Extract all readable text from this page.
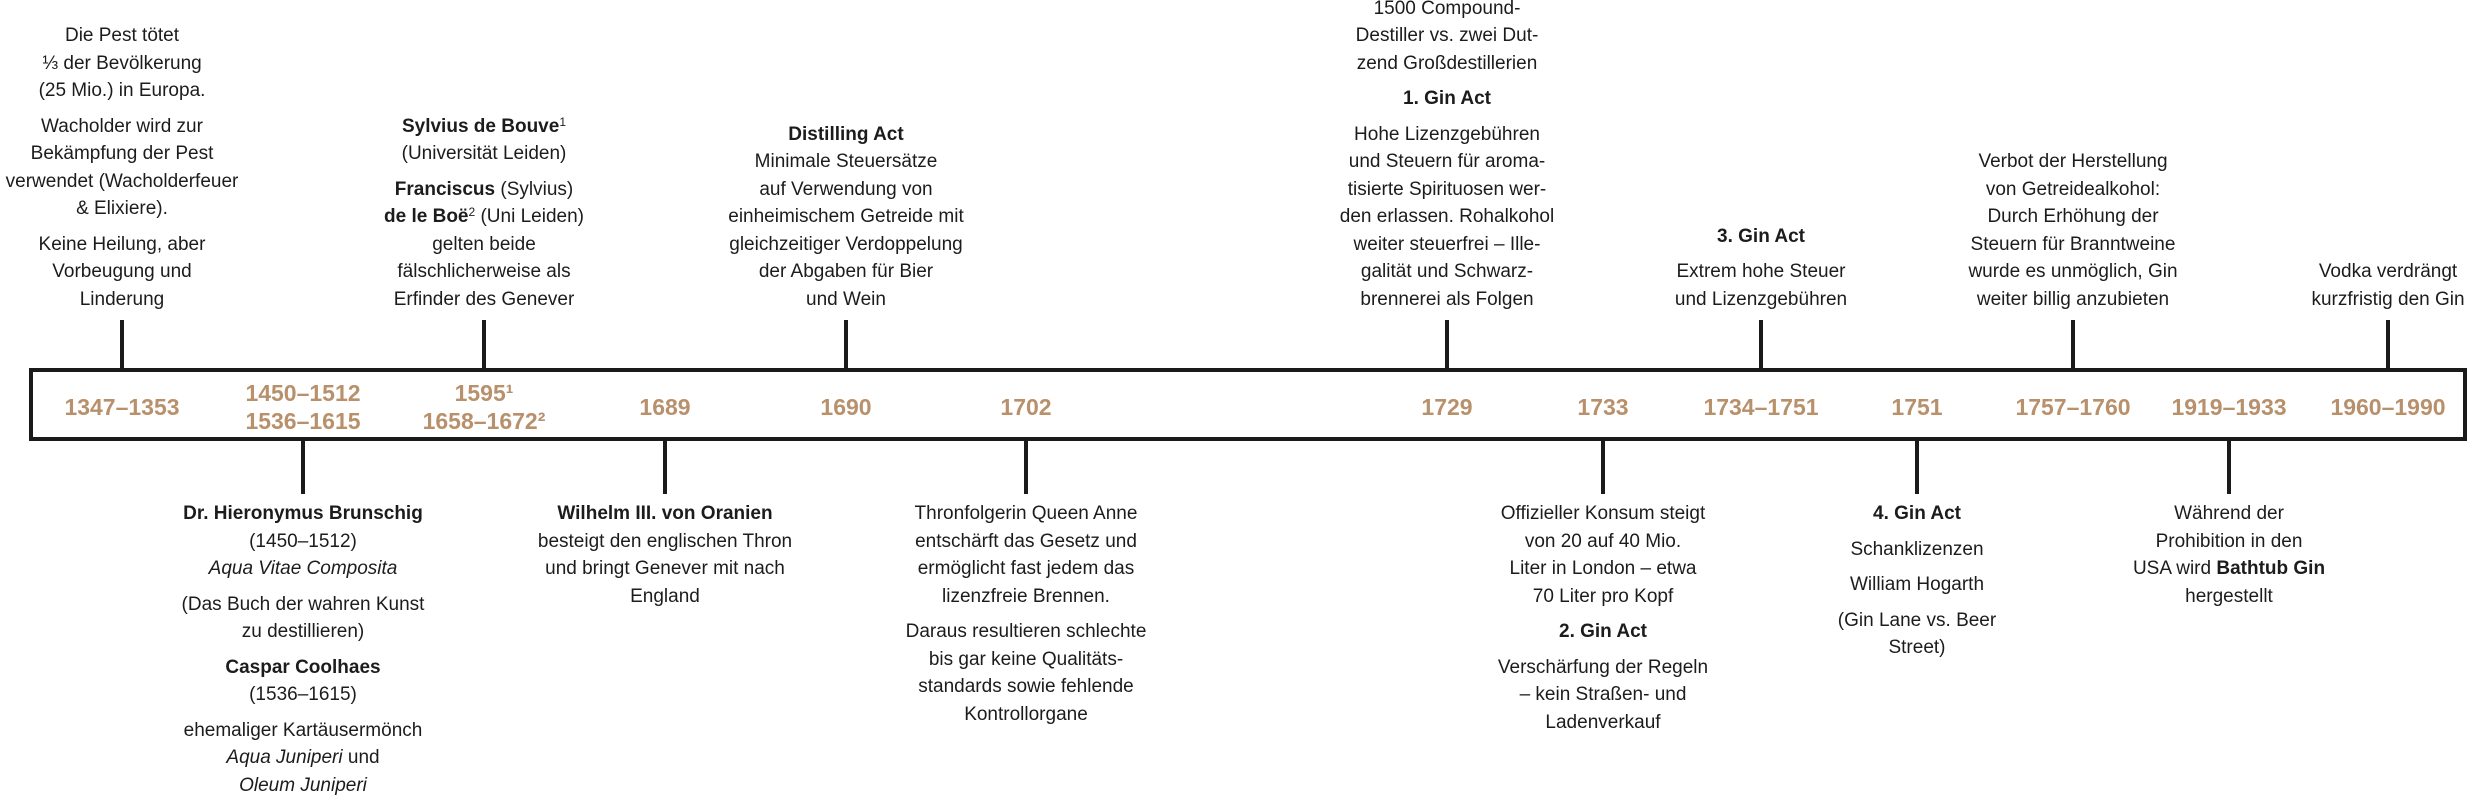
1347–1353
1450–1512
1536–1615
1595¹
1658–1672²
1689	1690	1702	1729	1733	1734–1751	1751	1757–1760 1919–1933 1960–1990

Die Pest tötet
⅓ der Bevölkerung
(25 Mio.) in Europa.

Wacholder wird zur
Bekämpfung der Pest
verwendet (Wacholderfeuer
& Elixiere).

Keine Heilung, aber
Vorbeugung und
Linderung

Sylvius de Bouve$^1$
(Universität Leiden)

Franciscus (Sylvius)
de le Boë$^2$ (Uni Leiden)
gelten beide
fälschlicherweise als
Erfinder des Genever

Distilling Act
Minimale Steuersätze
auf Verwendung von
einheimischem Getreide mit
gleichzeitiger Verdoppelung
der Abgaben für Bier
und Wein

1500 Compound-
Destiller vs. zwei Dut-
zend Großdestillerien

1. Gin Act

Hohe Lizenzgebühren
und Steuern für aroma-
tisierte Spirituosen wer-
den erlassen. Rohalkohol
weiter steuerfrei – Ille-
galität und Schwarz-
brennerei als Folgen

3. Gin Act

Extrem hohe Steuer
und Lizenzgebühren

Verbot der Herstellung
von Getreidealkohol:
Durch Erhöhung der
Steuern für Branntweine
wurde es unmöglich, Gin
weiter billig anzubieten

Vodka verdrängt
kurzfristig den Gin

Dr. Hieronymus Brunschig
(1450–1512)
Aqua Vitae Composita

(Das Buch der wahren Kunst
zu destillieren)

Caspar Coolhaes
(1536–1615)

ehemaliger Kartäusermönch
Aqua Juniperi und
Oleum Juniperi

Wilhelm III. von Oranien
besteigt den englischen Thron
und bringt Genever mit nach
England

Thronfolgerin Queen Anne
entschärft das Gesetz und
ermöglicht fast jedem das
lizenzfreie Brennen.

Daraus resultieren schlechte
bis gar keine Qualitäts-
standards sowie fehlende
Kontrollorgane

Offizieller Konsum steigt
von 20 auf 40 Mio.
Liter in London – etwa
70 Liter pro Kopf

2. Gin Act

Verschärfung der Regeln
– kein Straßen- und
Ladenverkauf

4. Gin Act

Schanklizenzen

William Hogarth

(Gin Lane vs. Beer
Street)

Während der
Prohibition in den
USA wird Bathtub Gin
hergestellt
